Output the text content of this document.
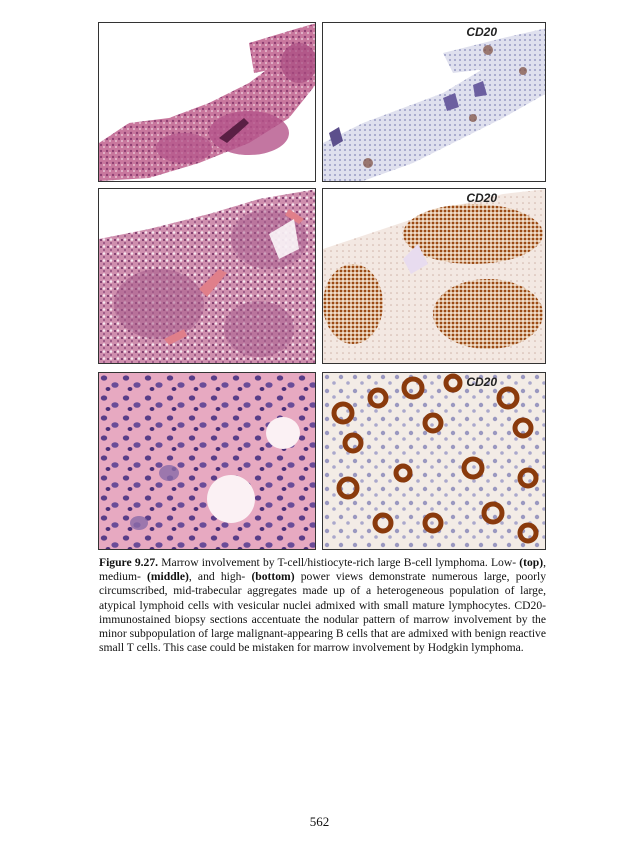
CD20
CD20
CD20
Figure 9.27. Marrow involvement by T-cell/histiocyte-rich large B-cell lymphoma. Low- (top), medium- (middle), and high- (bottom) power views demonstrate numerous large, poorly circumscribed, mid-trabecular aggregates made up of a heterogeneous population of large, atypical lymphoid cells with vesicular nuclei admixed with small mature lymphocytes. CD20-immunostained biopsy sections accentuate the nodular pattern of marrow involvement by the minor subpopulation of large malignant-appearing B cells that are admixed with benign reactive small T cells. This case could be mistaken for marrow involvement by Hodgkin lymphoma.
562
